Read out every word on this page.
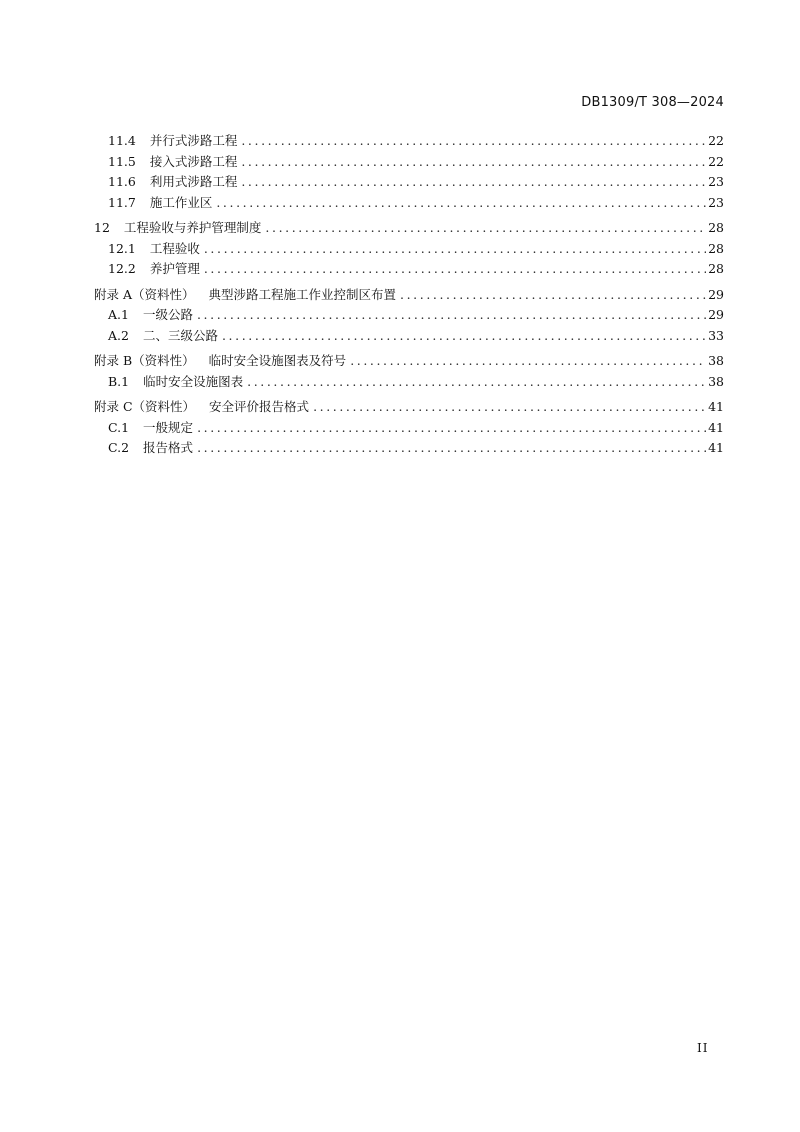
DB1309/T 308—2024
11.4 并行式涉路工程 .....	22
11.5 接入式涉路工程 .....	22
11.6 利用式涉路工程 .....	23
11.7 施工作业区 .....	23
12 工程验收与养护管理制度 .....	28
12.1 工程验收 .....	28
12.2 养护管理 .....	28
附录 A（资料性） 典型涉路工程施工作业控制区布置 .....	29
A.1 一级公路 .....	29
A.2 二、三级公路 .....	33
附录 B（资料性） 临时安全设施图表及符号 .....	38
B.1 临时安全设施图表 .....	38
附录 C（资料性） 安全评价报告格式 .....	41
C.1 一般规定 .....	41
C.2 报告格式 .....	41
II
